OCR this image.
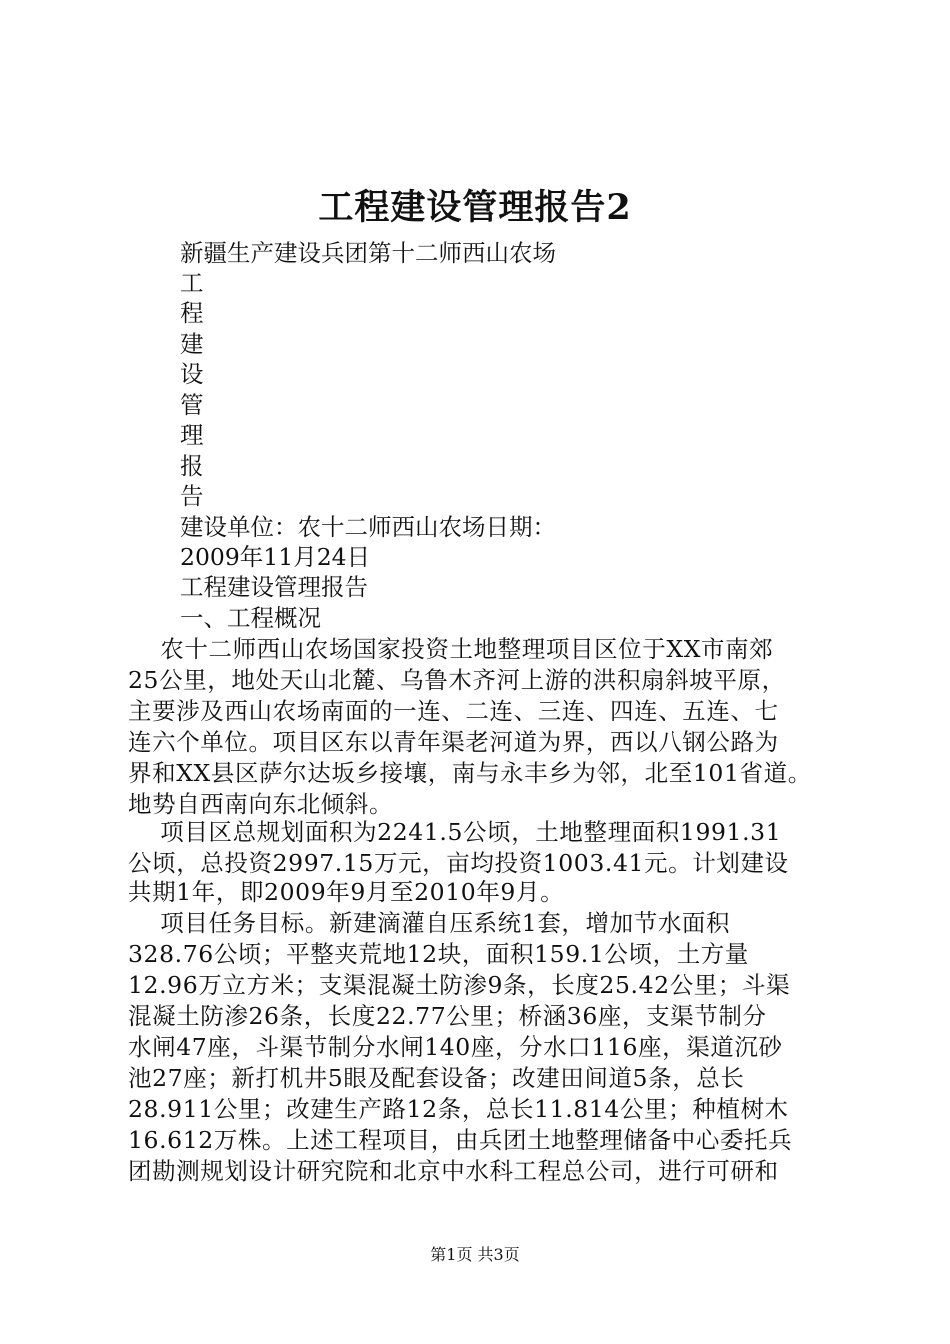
工程建设管理报告2
新疆生产建设兵团第十二师西山农场
工
程
建
设
管
理
报
告
建设单位：农十二师西山农场日期：
2009年11月24日
工程建设管理报告
一、工程概况
农十二师西山农场国家投资土地整理项目区位于XX市南郊
25公里，地处天山北麓、乌鲁木齐河上游的洪积扇斜坡平原，
主要涉及西山农场南面的一连、二连、三连、四连、五连、七
连六个单位。项目区东以青年渠老河道为界，西以八钢公路为
界和XX县区萨尔达坂乡接壤，南与永丰乡为邻，北至101省道。
地势自西南向东北倾斜。
项目区总规划面积为2241.5公顷，土地整理面积1991.31
公顷，总投资2997.15万元，亩均投资1003.41元。计划建设
共期1年，即2009年9月至2010年9月。
项目任务目标。新建滴灌自压系统1套，增加节水面积
328.76公顷；平整夹荒地12块，面积159.1公顷，土方量
12.96万立方米；支渠混凝土防渗9条，长度25.42公里；斗渠
混凝土防渗26条，长度22.77公里；桥涵36座，支渠节制分
水闸47座，斗渠节制分水闸140座，分水口116座，渠道沉砂
池27座；新打机井5眼及配套设备；改建田间道5条，总长
28.911公里；改建生产路12条，总长11.814公里；种植树木
16.612万株。上述工程项目，由兵团土地整理储备中心委托兵
团勘测规划设计研究院和北京中水科工程总公司，进行可研和
第1页 共3页
